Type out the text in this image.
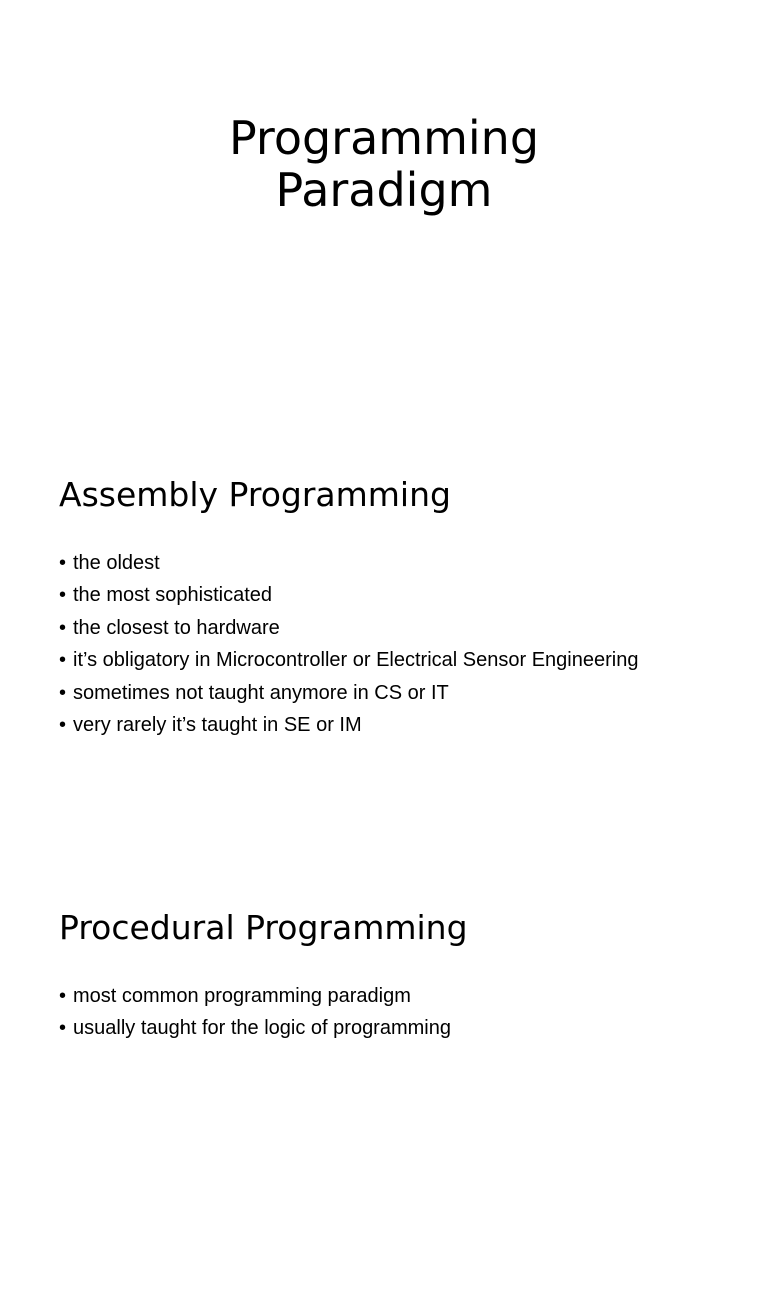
Programming
Paradigm
Assembly Programming
• the oldest
• the most sophisticated
• the closest to hardware
• it’s obligatory in Microcontroller or Electrical Sensor Engineering
• sometimes not taught anymore in CS or IT
• very rarely it’s taught in SE or IM
Procedural Programming
• most common programming paradigm
• usually taught for the logic of programming
